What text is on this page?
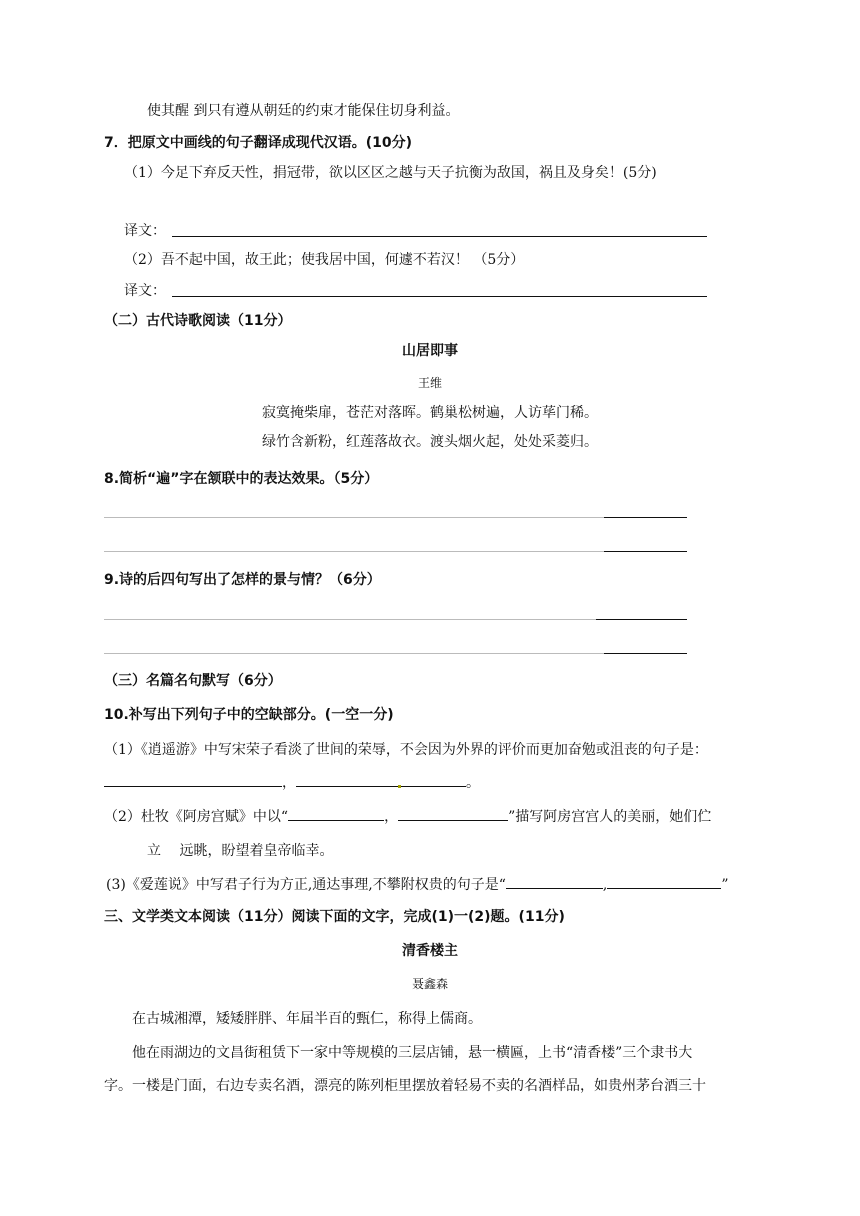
使其醒 到只有遵从朝廷的约束才能保住切身利益。
7．把原文中画线的句子翻译成现代汉语。(10分)
（1）今足下弃反天性，捐冠带，欲以区区之越与天子抗衡为敌国，祸且及身矣！(5分)
译文：
（2）吾不起中国，故王此；使我居中国，何遽不若汉！ （5分）
译文：
（二）古代诗歌阅读（11分）
山居即事
王维
寂寞掩柴扉，苍茫对落晖。鹤巢松树遍，人访荜门稀。
绿竹含新粉，红莲落故衣。渡头烟火起，处处采菱归。
8.简析“遍”字在颔联中的表达效果。（5分）
9.诗的后四句写出了怎样的景与情？（6分）
（三）名篇名句默写（6分）
10.补写出下列句子中的空缺部分。(一空一分)
（1）《逍遥游》中写宋荣子看淡了世间的荣辱，不会因为外界的评价而更加奋勉或沮丧的句子是：
，	。
（2）杜牧《阿房宫赋》中以“	，	”描写阿房宫宫人的美丽，她们伫
立　 远眺，盼望着皇帝临幸。
(3)《爱莲说》中写君子行为方正,通达事理,不攀附权贵的句子是“	,	”
三、文学类文本阅读（11分）阅读下面的文字，完成(1)一(2)题。(11分)
清香楼主
聂鑫森
在古城湘潭，矮矮胖胖、年届半百的甄仁，称得上儒商。
他在雨湖边的文昌街租赁下一家中等规模的三层店铺，悬一横匾，上书“清香楼”三个隶书大
字。一楼是门面，右边专卖名酒，漂亮的陈列柜里摆放着轻易不卖的名酒样品，如贵州茅台酒三十
